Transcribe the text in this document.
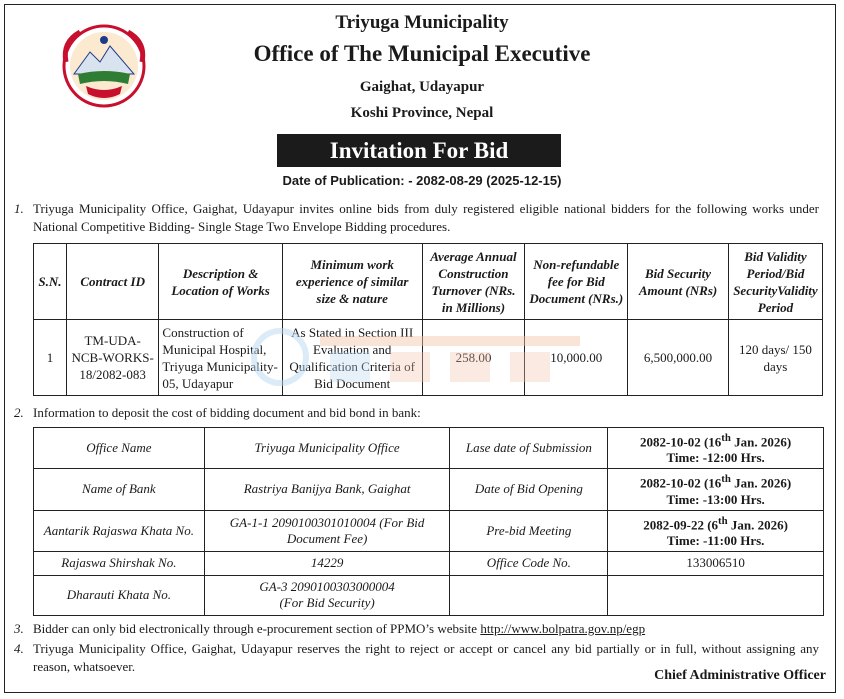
Triyuga Municipality
Office of The Municipal Executive
Gaighat, Udayapur
Koshi Province, Nepal
Invitation For Bid
Date of Publication: - 2082-08-29 (2025-12-15)
1. Triyuga Municipality Office, Gaighat, Udayapur invites online bids from duly registered eligible national bidders for the following works under National Competitive Bidding- Single Stage Two Envelope Bidding procedures.
S.N.	Contract ID	Description & Location of Works	Minimum work experience of similar size & nature	Average Annual Construction Turnover (NRs. in Millions)	Non-refundable fee for Bid Document (NRs.)	Bid Security Amount (NRs)	Bid Validity Period/Bid SecurityValidity Period
1	TM-UDA-NCB-WORKS-18/2082-083	Construction of Municipal Hospital, Triyuga Municipality-05, Udayapur	As Stated in Section III Evaluation and Qualification Criteria of Bid Document	258.00	10,000.00	6,500,000.00	120 days/ 150 days
2. Information to deposit the cost of bidding document and bid bond in bank:
Office Name	Triyuga Municipality Office	Lase date of Submission	2082-10-02 (16th Jan. 2026)
Time: -12:00 Hrs.
Name of Bank	Rastriya Banijya Bank, Gaighat	Date of Bid Opening	2082-10-02 (16th Jan. 2026)
Time: -13:00 Hrs.
Aantarik Rajaswa Khata No.	GA-1-1 2090100301010004 (For Bid Document Fee)	Pre-bid Meeting	2082-09-22 (6th Jan. 2026)
Time: -11:00 Hrs.
Rajaswa Shirshak No.	14229	Office Code No.	133006510
Dharauti Khata No.	GA-3 2090100303000004
(For Bid Security)		
3. Bidder can only bid electronically through e-procurement section of PPMO’s website http://www.bolpatra.gov.np/egp
4. Triyuga Municipality Office, Gaighat, Udayapur reserves the right to reject or accept or cancel any bid partially or in full, without assigning any reason, whatsoever.
Chief Administrative Officer
